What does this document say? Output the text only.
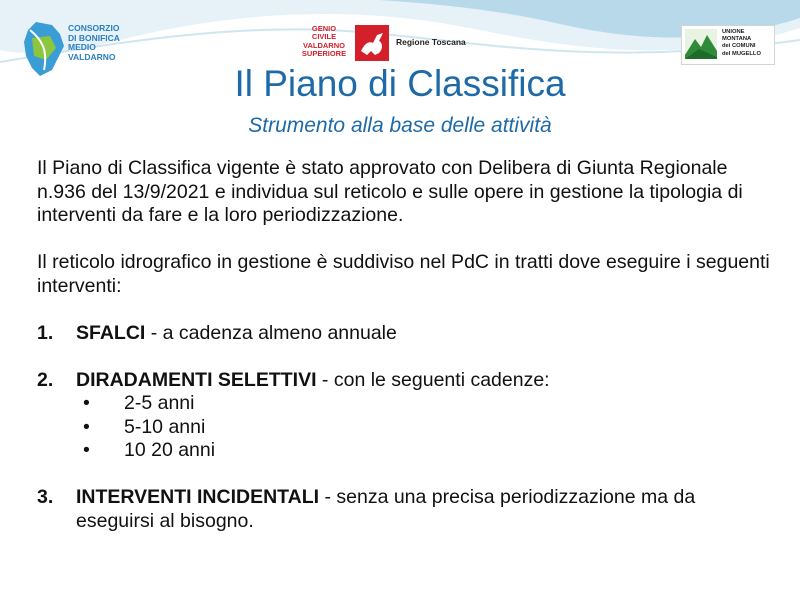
CONSORZIO
DI BONIFICA
MEDIO
VALDARNO
GENIO
CIVILE
VALDARNO
SUPERIORE
Regione Toscana
UNIONE
MONTANA
dei COMUNI
del MUGELLO
Il Piano di Classifica
Strumento alla base delle attività

Il Piano di Classifica vigente è stato approvato con Delibera di Giunta Regionale n.936 del 13/9/2021 e individua sul reticolo e sulle opere in gestione la tipologia di interventi da fare e la loro periodizzazione.

Il reticolo idrografico in gestione è suddiviso nel PdC in tratti dove eseguire i seguenti interventi:

1. SFALCI - a cadenza almeno annuale
2. DIRADAMENTI SELETTIVI - con le seguenti cadenze:
• 2-5 anni
• 5-10 anni
• 10 20 anni
3. INTERVENTI INCIDENTALI - senza una precisa periodizzazione ma da eseguirsi al bisogno.
